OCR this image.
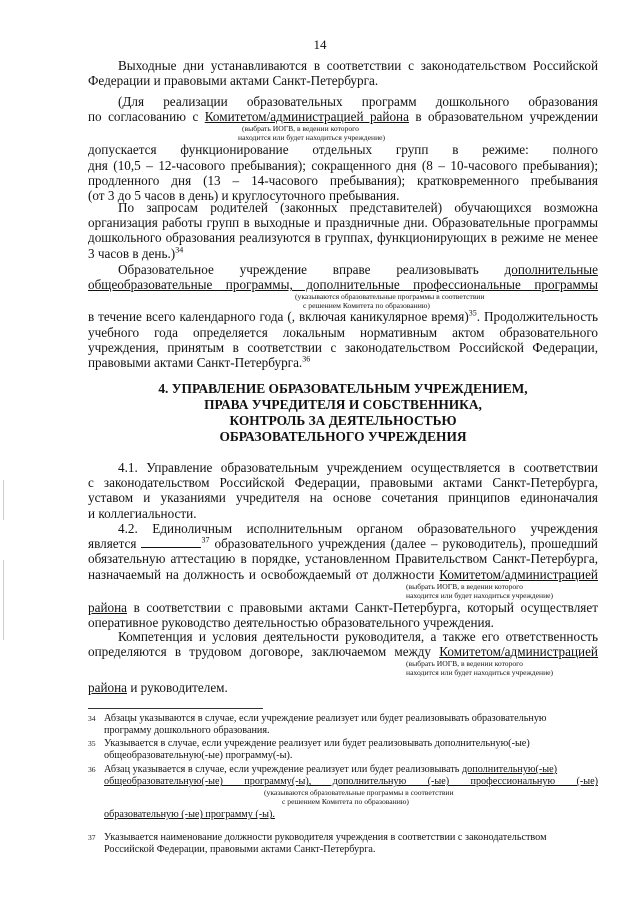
14

Выходные дни устанавливаются в соответствии с законодательством Российской

Федерации и правовыми актами Санкт-Петербурга.

(Для реализации образовательных программ дошкольного образования

по согласованию с Комитетом/администрацией района в образовательном учреждении

(выбрать ИОГВ, в ведении которого

находится или будет находиться учреждение)

допускается функционирование отдельных групп в режиме: полного

дня (10,5 – 12-часового пребывания); сокращенного дня (8 – 10-часового пребывания);

продленного дня (13 – 14-часового пребывания); кратковременного пребывания

(от 3 до 5 часов в день) и круглосуточного пребывания.

По запросам родителей (законных представителей) обучающихся возможна

организация работы групп в выходные и праздничные дни. Образовательные программы

дошкольного образования реализуются в группах, функционирующих в режиме не менее

3 часов в день.)$^{34}$

Образовательное учреждение вправе реализовывать дополнительные

общеобразовательные программы, дополнительные профессиональные программы

(указываются образовательные программы в соответствии

с решением Комитета по образованию)

в течение всего календарного года (, включая каникулярное время)$^{35}$. Продолжительность

учебного года определяется локальным нормативным актом образовательного

учреждения, принятым в соответствии с законодательством Российской Федерации,

правовыми актами Санкт-Петербурга.$^{36}$

4. УПРАВЛЕНИЕ ОБРАЗОВАТЕЛЬНЫМ УЧРЕЖДЕНИЕМ,

ПРАВА УЧРЕДИТЕЛЯ И СОБСТВЕННИКА,

КОНТРОЛЬ ЗА ДЕЯТЕЛЬНОСТЬЮ

ОБРАЗОВАТЕЛЬНОГО УЧРЕЖДЕНИЯ

4.1. Управление образовательным учреждением осуществляется в соответствии

с законодательством Российской Федерации, правовыми актами Санкт-Петербурга,

уставом и указаниями учредителя на основе сочетания принципов единоначалия

и коллегиальности.

4.2. Единоличным исполнительным органом образовательного учреждения

является	$^{37}$ образовательного учреждения (далее – руководитель), прошедший

обязательную аттестацию в порядке, установленном Правительством Санкт-Петербурга,

назначаемый на должность и освобождаемый от должности Комитетом/администрацией

(выбрать ИОГВ, в ведении которого

находится или будет находиться учреждение)

района в соответствии с правовыми актами Санкт-Петербурга, который осуществляет

оперативное руководство деятельностью образовательного учреждения.

Компетенция и условия деятельности руководителя, а также его ответственность

определяются в трудовом договоре, заключаемом между Комитетом/администрацией

(выбрать ИОГВ, в ведении которого

находится или будет находиться учреждение)

района и руководителем.

34 Абзацы указываются в случае, если учреждение реализует или будет реализовывать образовательную

программу дошкольного образования.

35 Указывается в случае, если учреждение реализует или будет реализовывать дополнительную(-ые)

общеобразовательную(-ые) программу(-ы).

36 Абзац указывается в случае, если учреждение реализует или будет реализовывать дополнительную(-ые)

общеобразовательную(-ые) программу(-ы), дополнительную (-ые) профессиональную (-ые)

(указываются образовательные программы в соответствии

с решением Комитета по образованию)

образовательную (-ые) программу (-ы).

37 Указывается наименование должности руководителя учреждения в соответствии с законодательством

Российской Федерации, правовыми актами Санкт-Петербурга.
